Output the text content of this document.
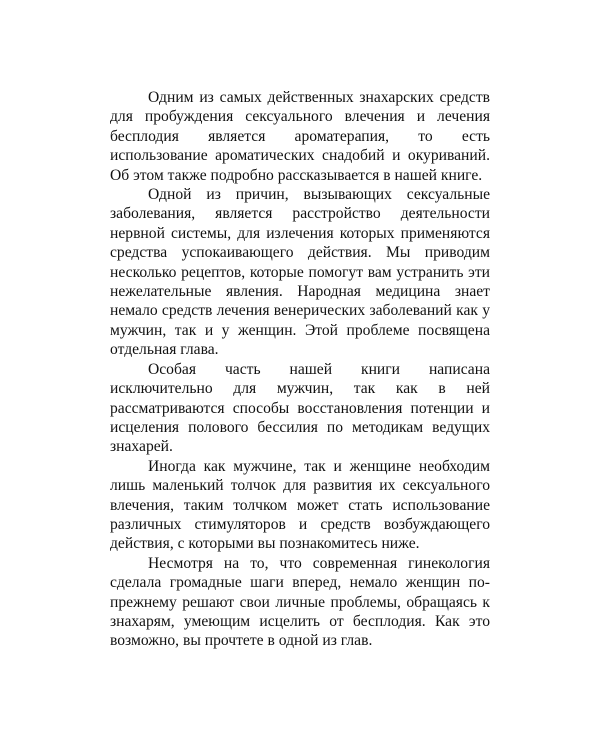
Одним из самых действенных знахарских средств для пробуждения сексуального влечения и лечения бесплодия является ароматерапия, то есть использование ароматических снадобий и окуриваний. Об этом также подробно рассказывается в нашей книге.

Одной из причин, вызывающих сексуальные заболевания, является расстройство деятельности нервной системы, для излечения которых применяются средства успокаивающего действия. Мы приводим несколько рецептов, которые помогут вам устранить эти нежелательные явления. Народная медицина знает немало средств лечения венерических заболеваний как у мужчин, так и у женщин. Этой проблеме посвящена отдельная глава.

Особая часть нашей книги написана исключительно для мужчин, так как в ней рассматриваются способы восстановления потенции и исцеления полового бессилия по методикам ведущих знахарей.

Иногда как мужчине, так и женщине необходим лишь маленький толчок для развития их сексуального влечения, таким толчком может стать использование различных стимуляторов и средств возбуждающего действия, с которыми вы познакомитесь ниже.

Несмотря на то, что современная гинекология сделала громадные шаги вперед, немало женщин по-прежнему решают свои личные проблемы, обращаясь к знахарям, умеющим исцелить от бесплодия. Как это возможно, вы прочтете в одной из глав.
